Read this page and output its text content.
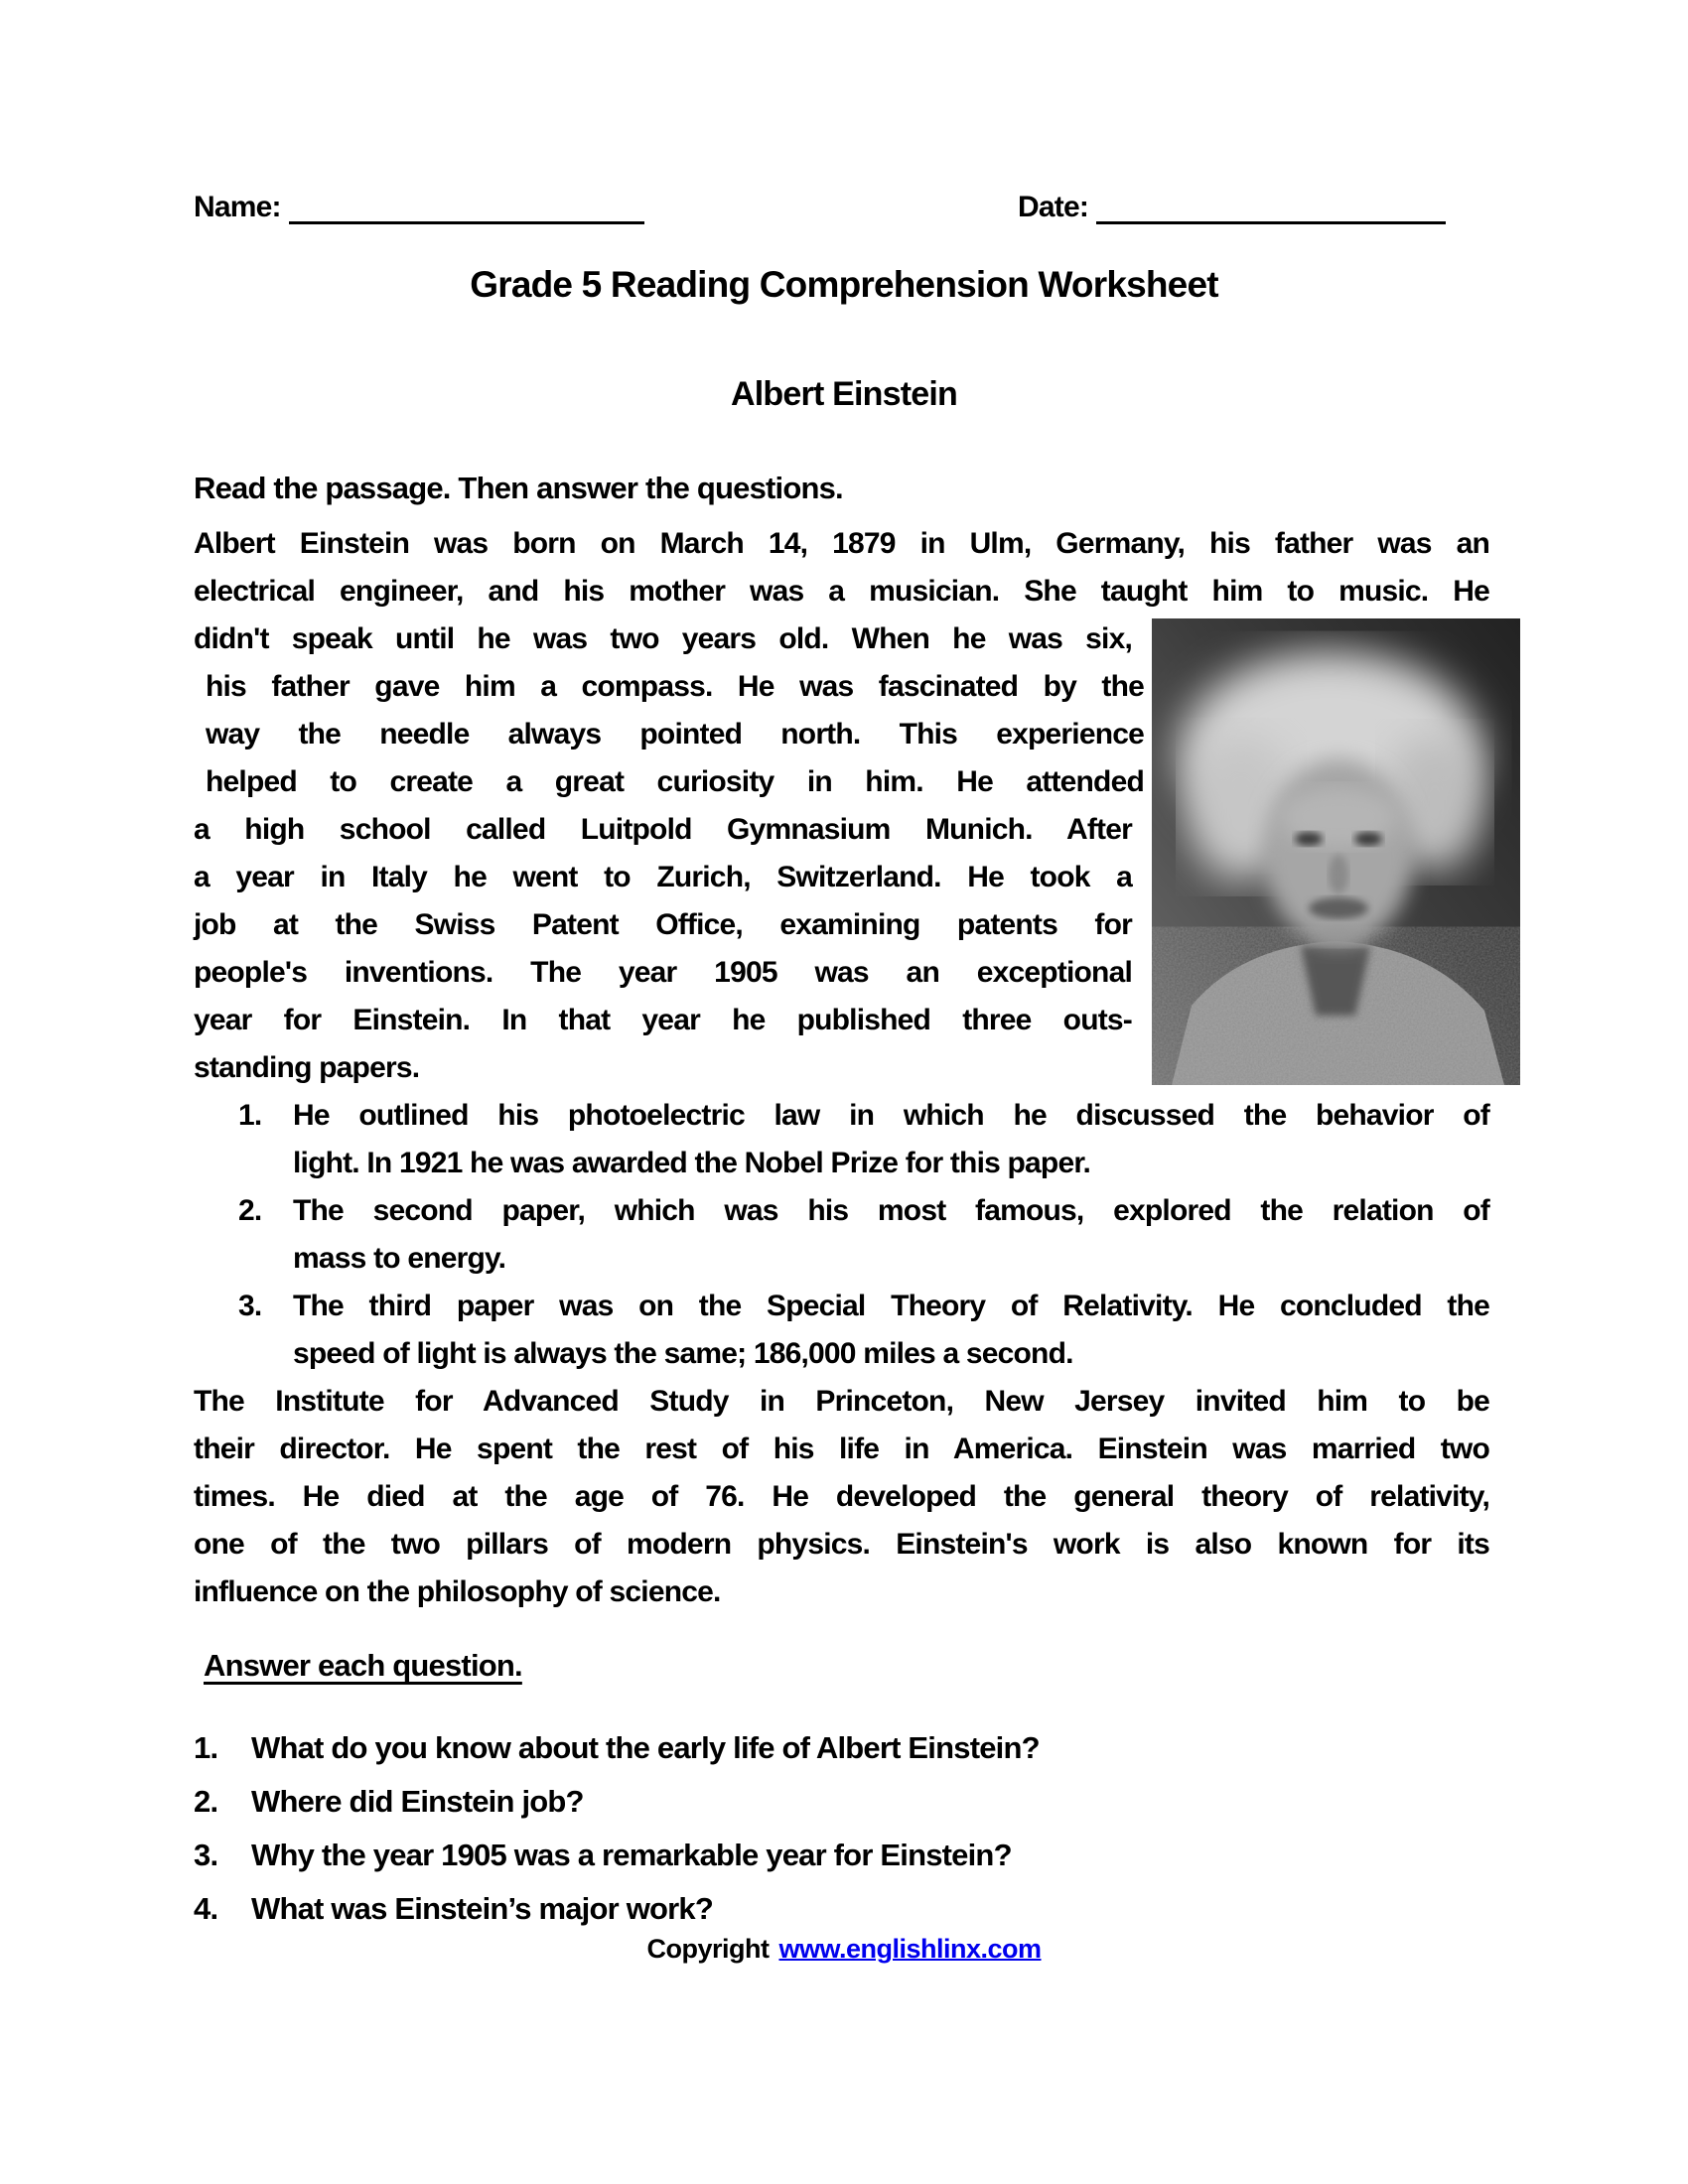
Name:	Date:
Grade 5 Reading Comprehension Worksheet
Albert Einstein
Read the passage. Then answer the questions.
Albert Einstein was born on March 14, 1879 in Ulm, Germany, his father was an
electrical engineer, and his mother was a musician. She taught him to music. He
didn't speak until he was two years old. When he was six,
his father gave him a compass. He was fascinated by the
way the needle always pointed north. This experience
helped to create a great curiosity in him. He attended
a high school called Luitpold Gymnasium Munich. After
a year in Italy he went to Zurich, Switzerland. He took a
job at the Swiss Patent Office, examining patents for
people's inventions. The year 1905 was an exceptional
year for Einstein. In that year he published three outs-
standing papers.
1. He outlined his photoelectric law in which he discussed the behavior of
light. In 1921 he was awarded the Nobel Prize for this paper.
2. The second paper, which was his most famous, explored the relation of
mass to energy.
3. The third paper was on the Special Theory of Relativity. He concluded the
speed of light is always the same; 186,000 miles a second.
The Institute for Advanced Study in Princeton, New Jersey invited him to be
their director. He spent the rest of his life in America. Einstein was married two
times. He died at the age of 76. He developed the general theory of relativity,
one of the two pillars of modern physics. Einstein's work is also known for its
influence on the philosophy of science.
Answer each question.
1. What do you know about the early life of Albert Einstein?
2. Where did Einstein job?
3. Why the year 1905 was a remarkable year for Einstein?
4. What was Einstein’s major work?
Copyright www.englishlinx.com
